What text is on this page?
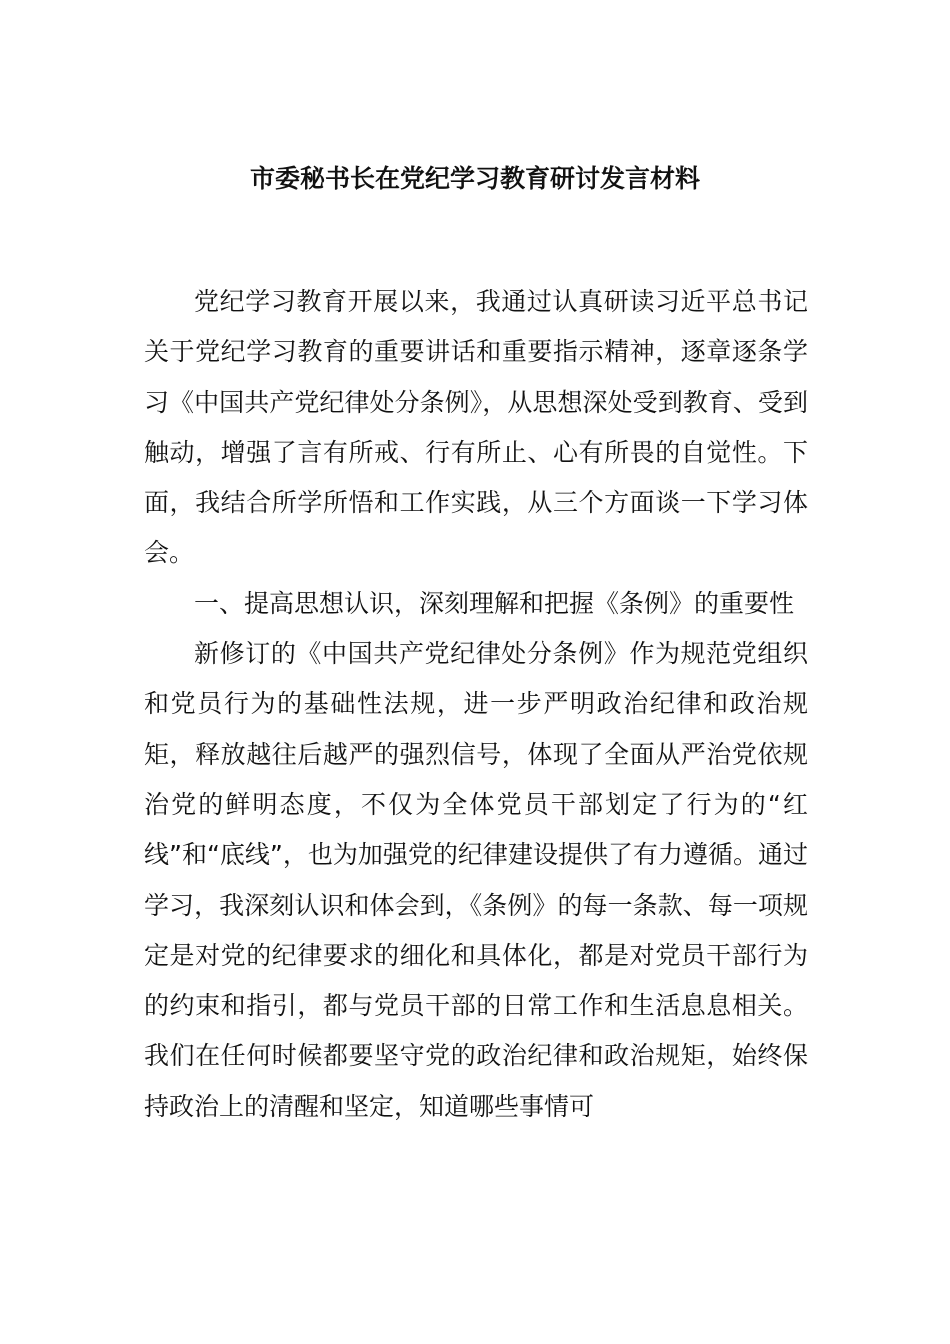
市委秘书长在党纪学习教育研讨发言材料

党纪学习教育开展以来，我通过认真研读习近平总书记关于党纪学习教育的重要讲话和重要指示精神，逐章逐条学习《中国共产党纪律处分条例》，从思想深处受到教育、受到触动，增强了言有所戒、行有所止、心有所畏的自觉性。下面，我结合所学所悟和工作实践，从三个方面谈一下学习体会。

一、提高思想认识，深刻理解和把握《条例》的重要性

新修订的《中国共产党纪律处分条例》作为规范党组织和党员行为的基础性法规，进一步严明政治纪律和政治规矩，释放越往后越严的强烈信号，体现了全面从严治党依规治党的鲜明态度，不仅为全体党员干部划定了行为的“红线”和“底线”，也为加强党的纪律建设提供了有力遵循。通过学习，我深刻认识和体会到，《条例》的每一条款、每一项规定是对党的纪律要求的细化和具体化，都是对党员干部行为的约束和指引，都与党员干部的日常工作和生活息息相关。我们在任何时候都要坚守党的政治纪律和政治规矩，始终保持政治上的清醒和坚定，知道哪些事情可
